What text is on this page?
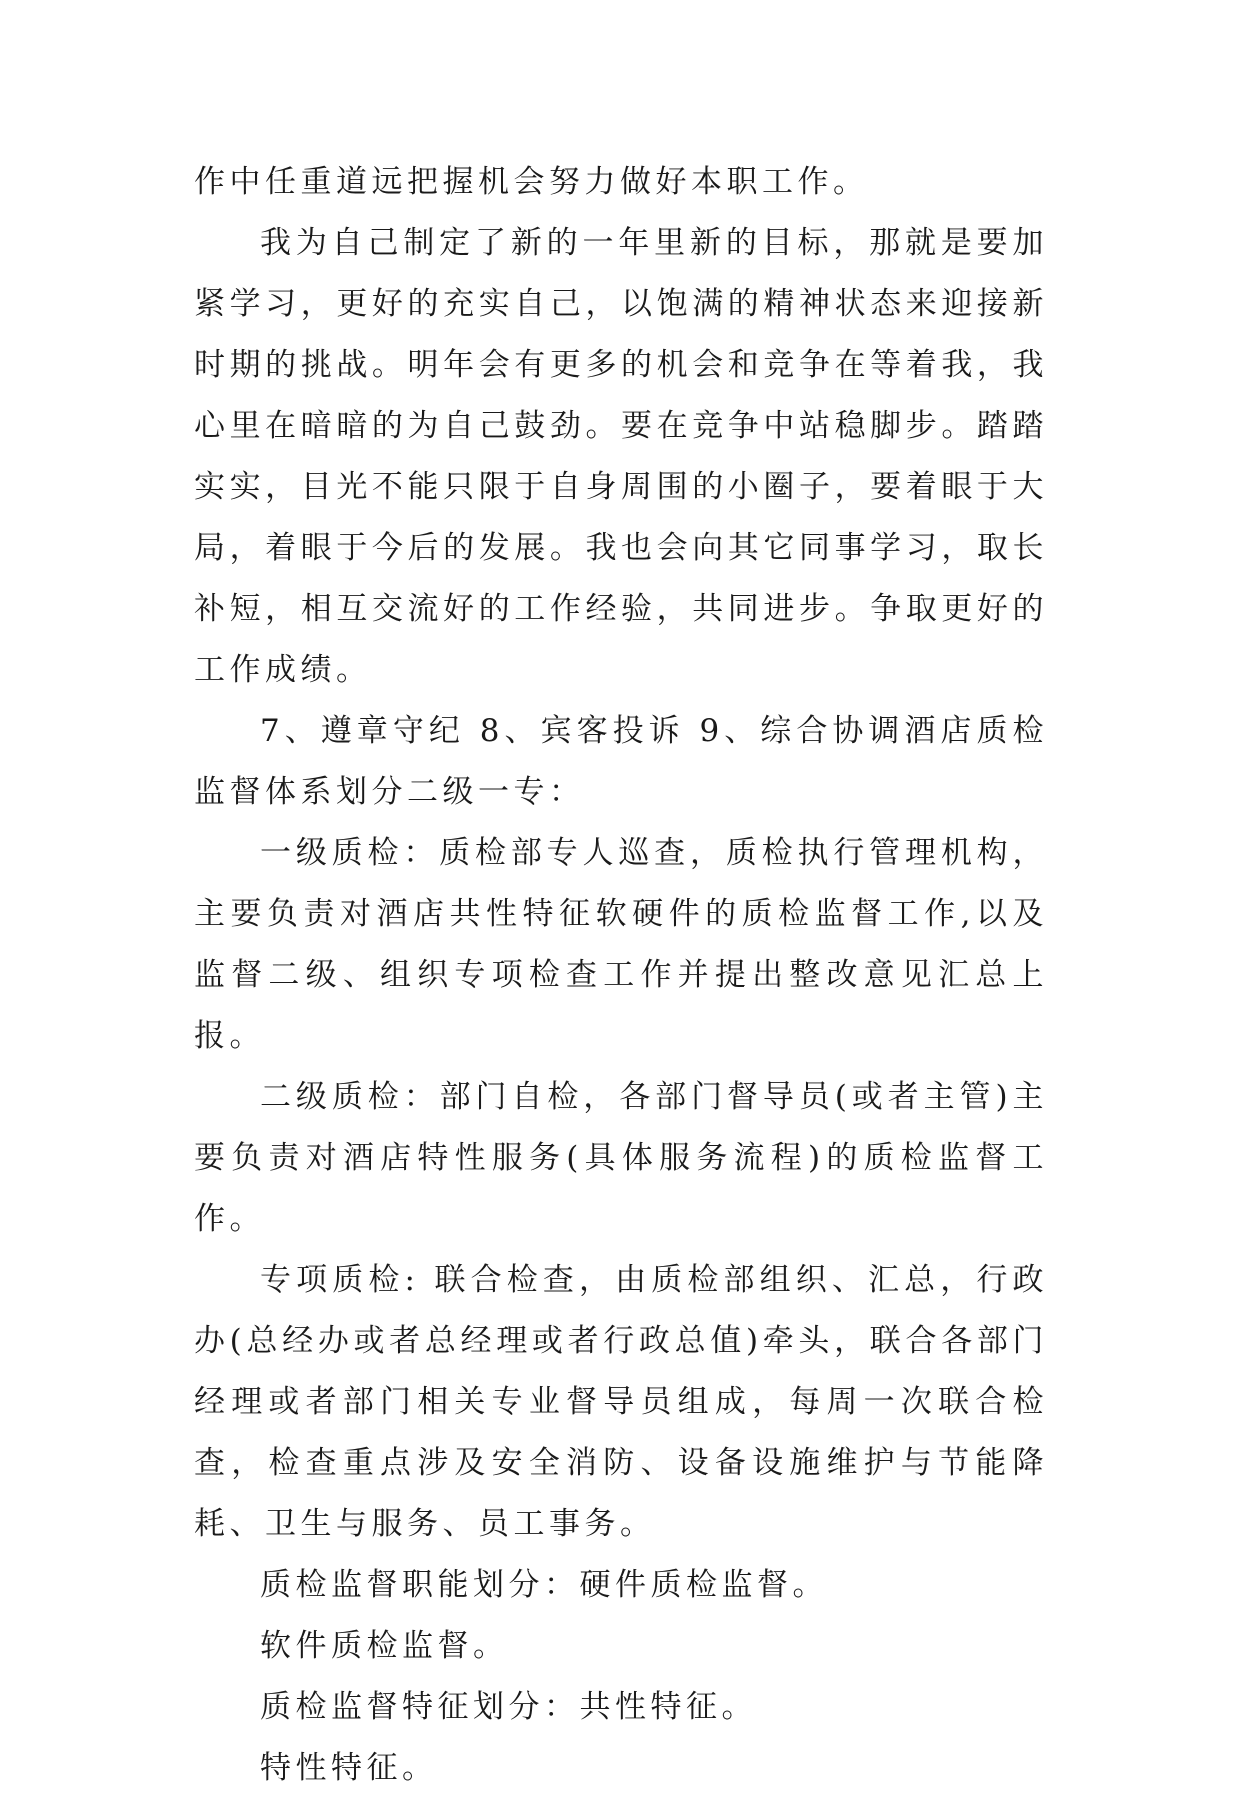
作中任重道远把握机会努力做好本职工作。

我为自己制定了新的一年里新的目标，那就是要加紧学习，更好的充实自己，以饱满的精神状态来迎接新时期的挑战。明年会有更多的机会和竞争在等着我，我心里在暗暗的为自己鼓劲。要在竞争中站稳脚步。踏踏实实，目光不能只限于自身周围的小圈子，要着眼于大局，着眼于今后的发展。我也会向其它同事学习，取长补短，相互交流好的工作经验，共同进步。争取更好的工作成绩。

7、遵章守纪 8、宾客投诉 9、综合协调酒店质检监督体系划分二级一专：

一级质检：质检部专人巡查，质检执行管理机构，主要负责对酒店共性特征软硬件的质检监督工作,以及监督二级、组织专项检查工作并提出整改意见汇总上报。

二级质检：部门自检，各部门督导员(或者主管)主要负责对酒店特性服务(具体服务流程)的质检监督工作。

专项质检: 联合检查，由质检部组织、汇总，行政办(总经办或者总经理或者行政总值)牵头，联合各部门经理或者部门相关专业督导员组成，每周一次联合检查，检查重点涉及安全消防、设备设施维护与节能降耗、卫生与服务、员工事务。

质检监督职能划分：硬件质检监督。

软件质检监督。

质检监督特征划分：共性特征。

特性特征。
